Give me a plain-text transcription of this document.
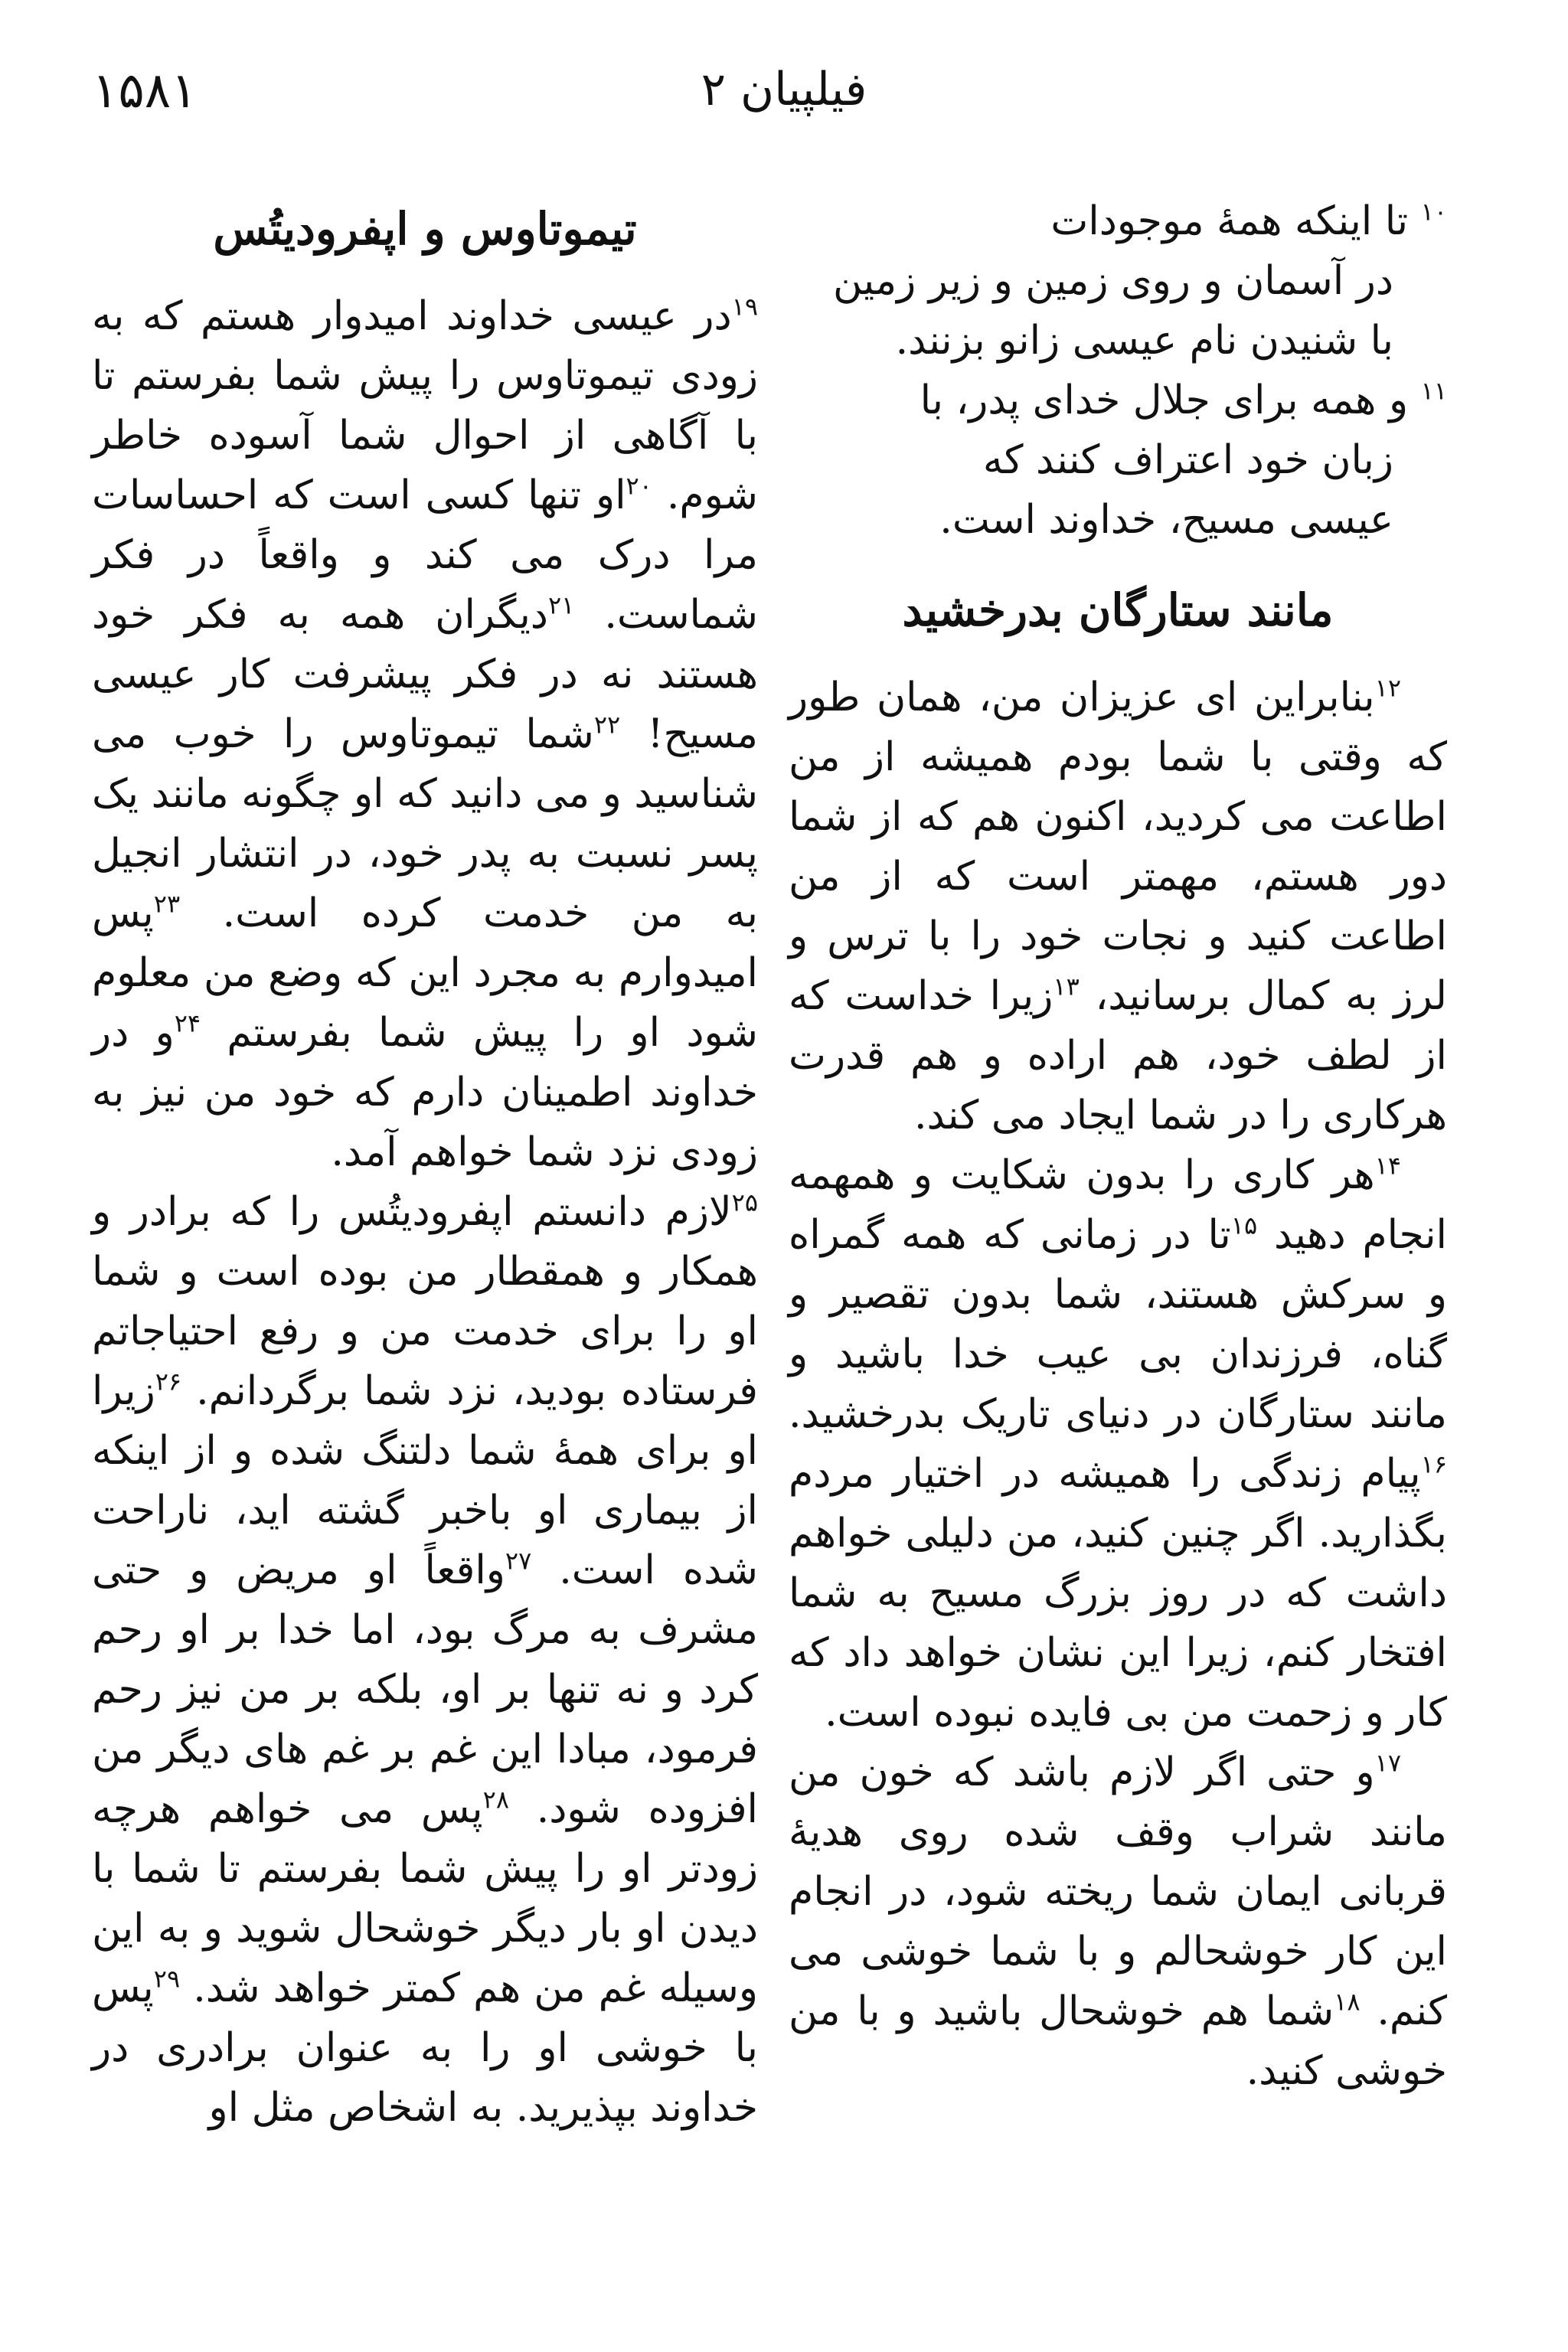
۱۵۸۱	فیلپیان ۲
$^{۱۰}$ تا اینکه همهٔ موجودات
در آسمان و روی زمین و زیر زمین
با شنیدن نام عیسی زانو بزنند.
$^{۱۱}$ و همه برای جلال خدای پدر، با
زبان خود اعتراف کنند که
عیسی مسیح، خداوند است.
مانند ستارگان بدرخشید

$^{۱۲}$بنابراین ای عزیزان من، همان طور که وقتی با شما بودم همیشه از من اطاعت می کردید، اکنون هم که از شما دور هستم، مهمتر است که از من اطاعت کنید و نجات خود را با ترس و لرز به کمال برسانید، $^{۱۳}$زیرا خداست که از لطف خود، هم اراده و هم قدرت هرکاری را در شما ایجاد می کند.

$^{۱۴}$هر کاری را بدون شکایت و همهمه انجام دهید $^{۱۵}$تا در زمانی که همه گمراه و سرکش هستند، شما بدون تقصیر و گناه، فرزندان بی عیب خدا باشید و مانند ستارگان در دنیای تاریک بدرخشید. $^{۱۶}$پیام زندگی را همیشه در اختیار مردم بگذارید. اگر چنین کنید، من دلیلی خواهم داشت که در روز بزرگ مسیح به شما افتخار کنم، زیرا این نشان خواهد داد که کار و زحمت من بی فایده نبوده است.

$^{۱۷}$و حتی اگر لازم باشد که خون من مانند شراب وقف شده روی هدیهٔ قربانی ایمان شما ریخته شود، در انجام این کار خوشحالم و با شما خوشی می کنم. $^{۱۸}$شما هم خوشحال باشید و با من خوشی کنید.

تیموتاوس و اپفرودیتُس

$^{۱۹}$در عیسی خداوند امیدوار هستم که به زودی تیموتاوس را پیش شما بفرستم تا با آگاهی از احوال شما آسوده خاطر شوم. $^{۲۰}$او تنها کسی است که احساسات مرا درک می کند و واقعاً در فکر شماست. $^{۲۱}$دیگران همه به فکر خود هستند نه در فکر پیشرفت کار عیسی مسیح! $^{۲۲}$شما تیموتاوس را خوب می شناسید و می دانید که او چگونه مانند یک پسر نسبت به پدر خود، در انتشار انجیل به من خدمت کرده است. $^{۲۳}$پس امیدوارم به مجرد این که وضع من معلوم شود او را پیش شما بفرستم $^{۲۴}$و در خداوند اطمینان دارم که خود من نیز به زودی نزد شما خواهم آمد.

$^{۲۵}$لازم دانستم اپفرودیتُس را که برادر و همکار و همقطار من بوده است و شما او را برای خدمت من و رفع احتیاجاتم فرستاده بودید، نزد شما برگردانم. $^{۲۶}$زیرا او برای همهٔ شما دلتنگ شده و از اینکه از بیماری او باخبر گشته اید، ناراحت شده است. $^{۲۷}$واقعاً او مریض و حتی مشرف به مرگ بود، اما خدا بر او رحم کرد و نه تنها بر او، بلکه بر من نیز رحم فرمود، مبادا این غم بر غم های دیگر من افزوده شود. $^{۲۸}$پس می خواهم هرچه زودتر او را پیش شما بفرستم تا شما با دیدن او بار دیگر خوشحال شوید و به این وسیله غم من هم کمتر خواهد شد. $^{۲۹}$پس با خوشی او را به عنوان برادری در خداوند بپذیرید. به اشخاص مثل او
